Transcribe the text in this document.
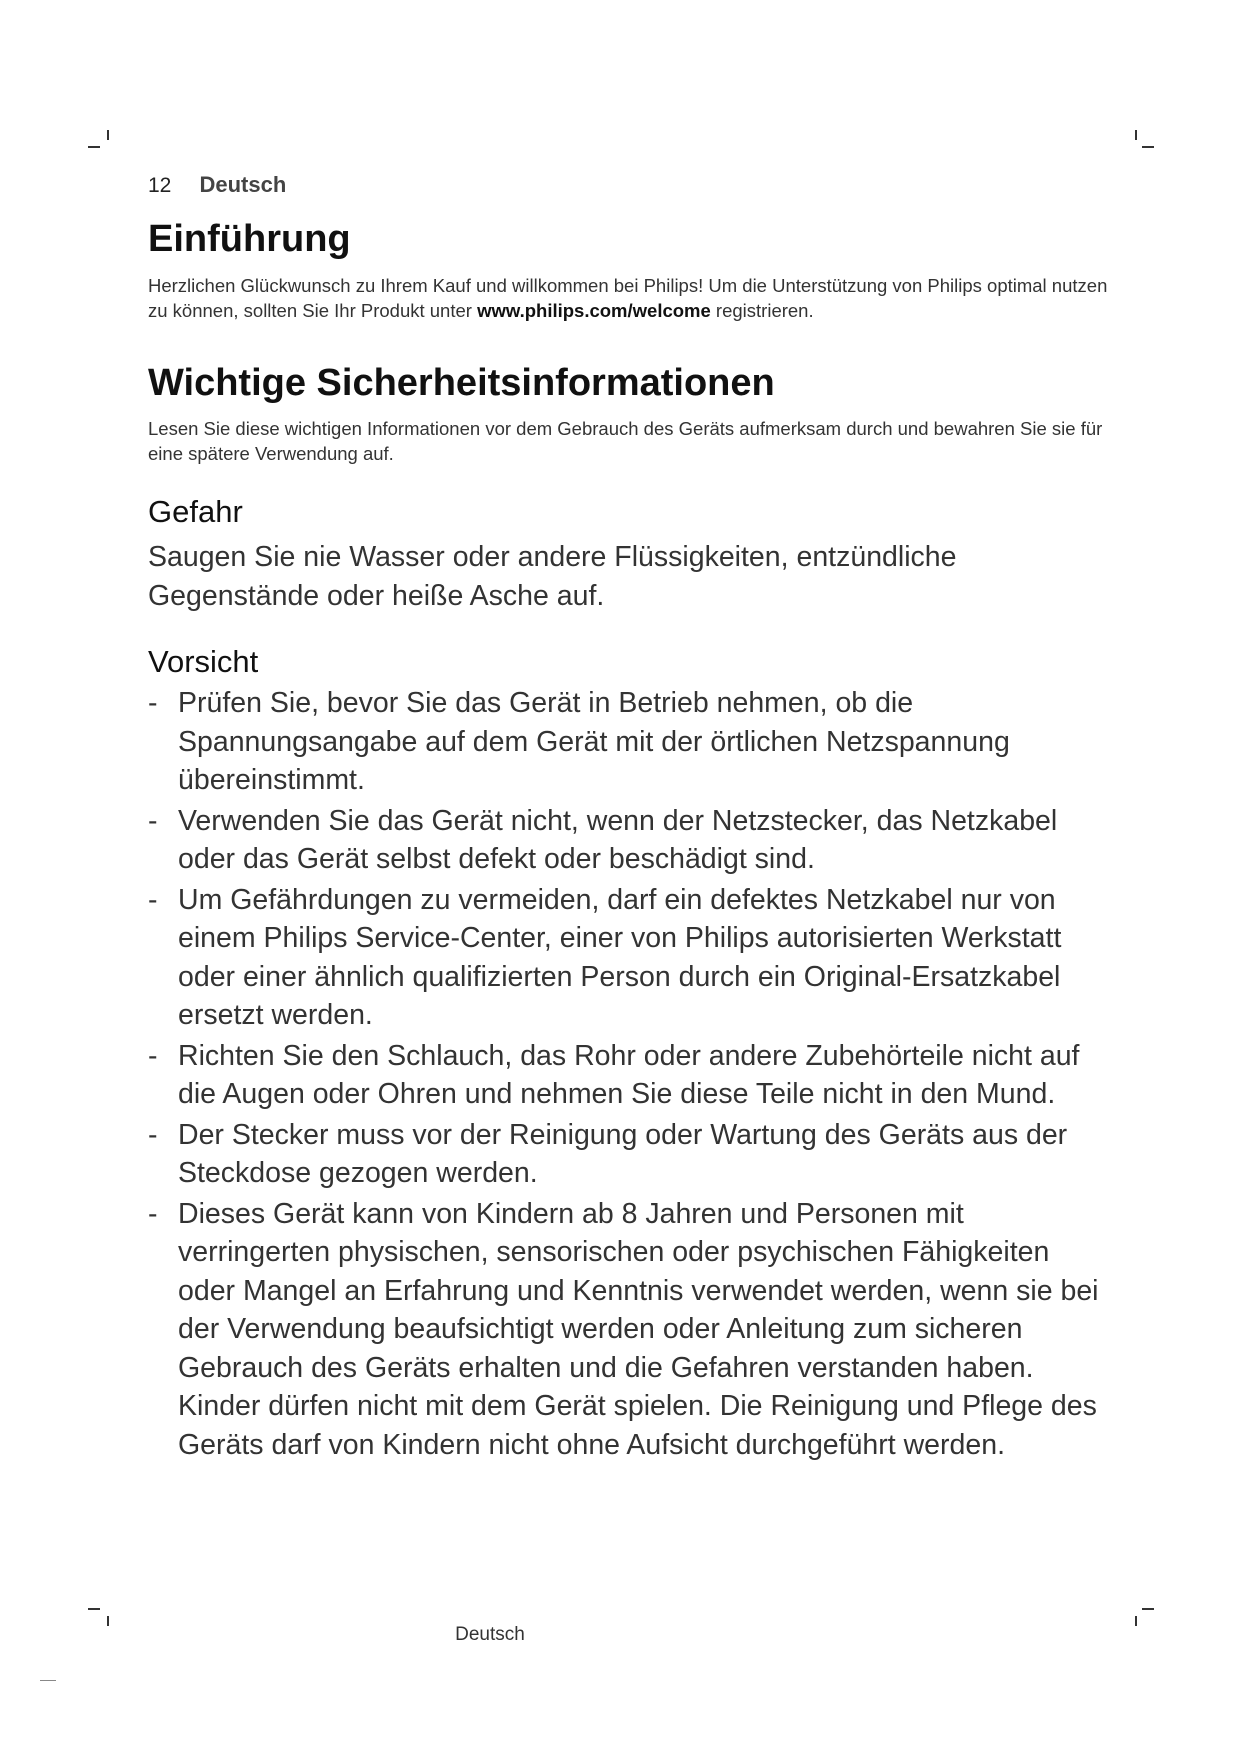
12 Deutsch
Einführung

Herzlichen Glückwunsch zu Ihrem Kauf und willkommen bei Philips! Um die Unterstützung von Philips optimal nutzen zu können, sollten Sie Ihr Produkt unter www.philips.com/welcome registrieren.

Wichtige Sicherheitsinformationen

Lesen Sie diese wichtigen Informationen vor dem Gebrauch des Geräts aufmerksam durch und bewahren Sie sie für eine spätere Verwendung auf.

Gefahr

Saugen Sie nie Wasser oder andere Flüssigkeiten, entzündliche Gegenstände oder heiße Asche auf.

Vorsicht
- Prüfen Sie, bevor Sie das Gerät in Betrieb nehmen, ob die Spannungsangabe auf dem Gerät mit der örtlichen Netzspannung übereinstimmt.
- Verwenden Sie das Gerät nicht, wenn der Netzstecker, das Netzkabel oder das Gerät selbst defekt oder beschädigt sind.
- Um Gefährdungen zu vermeiden, darf ein defektes Netzkabel nur von einem Philips Service-Center, einer von Philips autorisierten Werkstatt oder einer ähnlich qualifizierten Person durch ein Original-Ersatzkabel ersetzt werden.
- Richten Sie den Schlauch, das Rohr oder andere Zubehörteile nicht auf die Augen oder Ohren und nehmen Sie diese Teile nicht in den Mund.
- Der Stecker muss vor der Reinigung oder Wartung des Geräts aus der Steckdose gezogen werden.
- Dieses Gerät kann von Kindern ab 8 Jahren und Personen mit verringerten physischen, sensorischen oder psychischen Fähigkeiten oder Mangel an Erfahrung und Kenntnis verwendet werden, wenn sie bei der Verwendung beaufsichtigt werden oder Anleitung zum sicheren Gebrauch des Geräts erhalten und die Gefahren verstanden haben. Kinder dürfen nicht mit dem Gerät spielen. Die Reinigung und Pflege des Geräts darf von Kindern nicht ohne Aufsicht durchgeführt werden.
Deutsch
